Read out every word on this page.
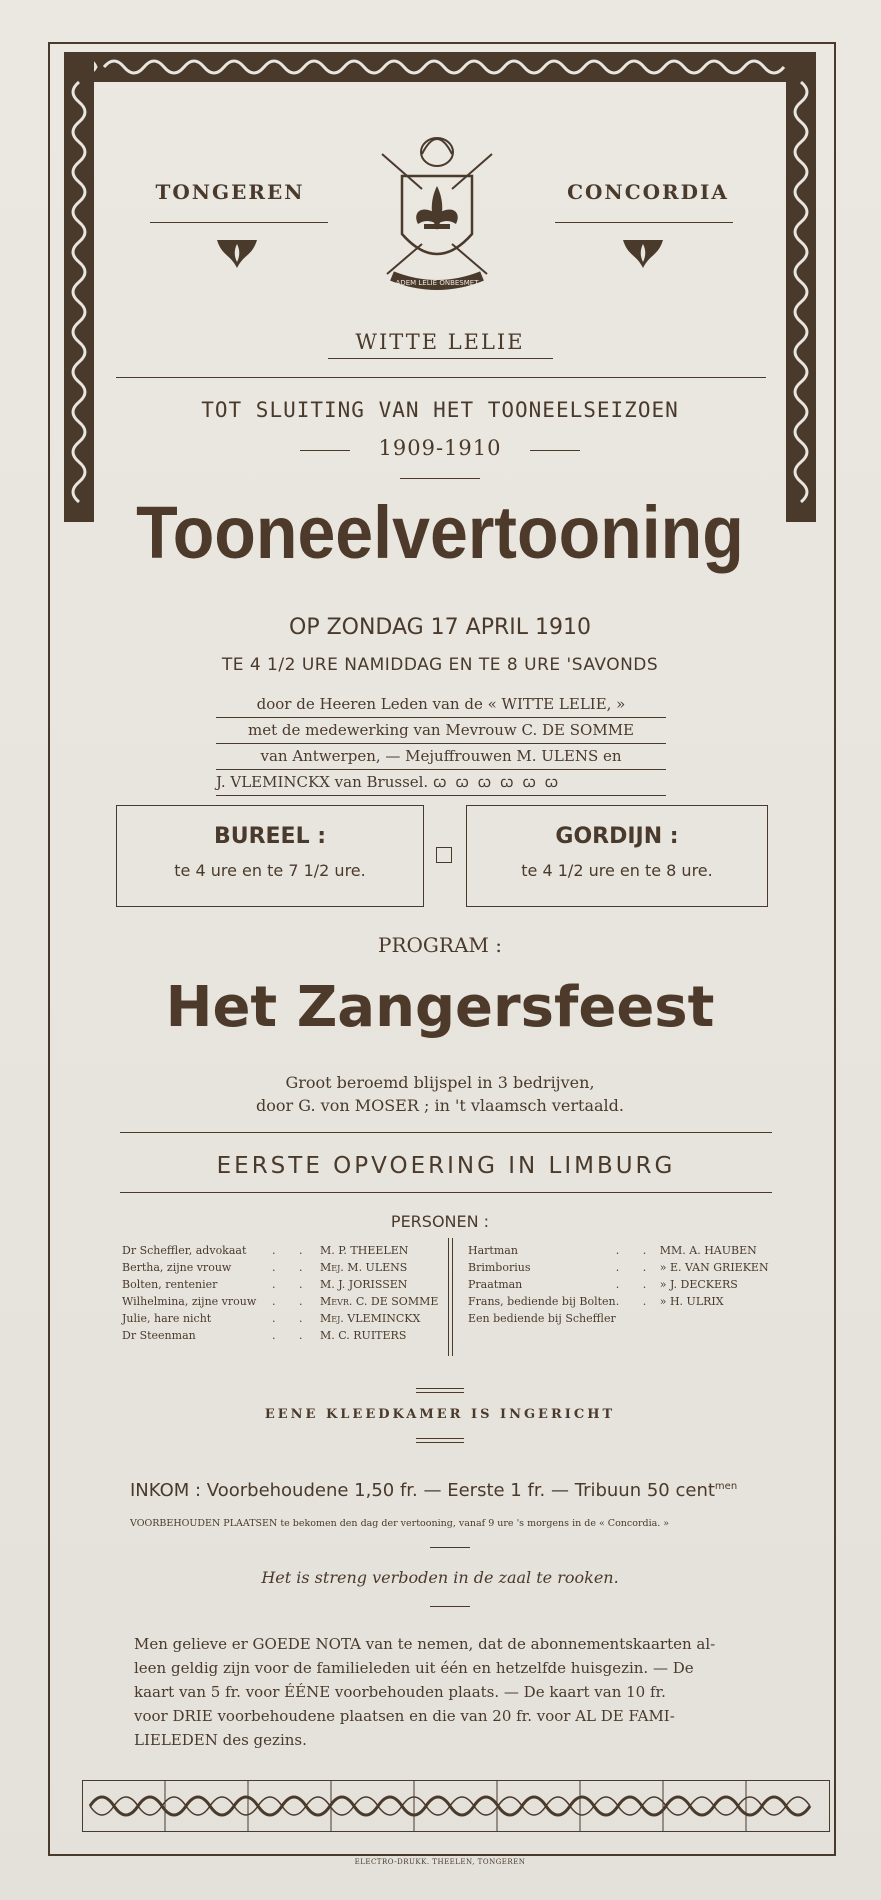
TONGEREN	CONCORDIA
ADEM LELIE ONBESMET
WITTE LELIE
TOT SLUITING VAN HET TOONEELSEIZOEN
1909-1910
Tooneelvertooning
OP ZONDAG 17 APRIL 1910
TE 4 1/2 URE NAMIDDAG EN TE 8 URE 'SAVONDS
door de Heeren Leden van de « WITTE LELIE, »
met de medewerking van Mevrouw C. DE SOMME
van Antwerpen, — Mejuffrouwen M. ULENS en
J. VLEMINCKX van Brussel. ꞷ ꞷ ꞷ ꞷ ꞷ ꞷ
BUREEL :
te 4 ure en te 7 1/2 ure.
GORDIJN :
te 4 1/2 ure en te 8 ure.
PROGRAM :
Het Zangersfeest
Groot beroemd blijspel in 3 bedrijven,
door G. von MOSER ; in 't vlaamsch vertaald.
EERSTE OPVOERING IN LIMBURG
PERSONEN :
Dr Scheffler, advokaat	. .	M. P. THEELEN
Bertha, zijne vrouw	. .	Mej. M. ULENS
Bolten, rentenier	. .	M. J. JORISSEN
Wilhelmina, zijne vrouw	. .	Mevr. C. DE SOMME
Julie, hare nicht	. .	Mej. VLEMINCKX
Dr Steenman	. .	M. C. RUITERS
Hartman	. .	MM. A. HAUBEN
Brimborius	. .	» E. VAN GRIEKEN
Praatman	. .	» J. DECKERS
Frans, bediende bij Bolten	. .	» H. ULRIX
Een bediende bij Scheffler		
EENE KLEEDKAMER IS INGERICHT
INKOM : Voorbehoudene 1,50 fr. — Eerste 1 fr. — Tribuun 50 cent$^{men}$
VOORBEHOUDEN PLAATSEN te bekomen den dag der vertooning, vanaf 9 ure 's morgens in de « Concordia. »
Het is streng verboden in de zaal te rooken.
Men gelieve er GOEDE NOTA van te nemen, dat de abonnementskaarten al-
leen geldig zijn voor de familieleden uit één en hetzelfde huisgezin. — De
kaart van 5 fr. voor ÉÉNE voorbehouden plaats. — De kaart van 10 fr.
voor DRIE voorbehoudene plaatsen en die van 20 fr. voor AL DE FAMI-
LIELEDEN des gezins.
ELECTRO-DRUKK. THEELEN, TONGEREN
